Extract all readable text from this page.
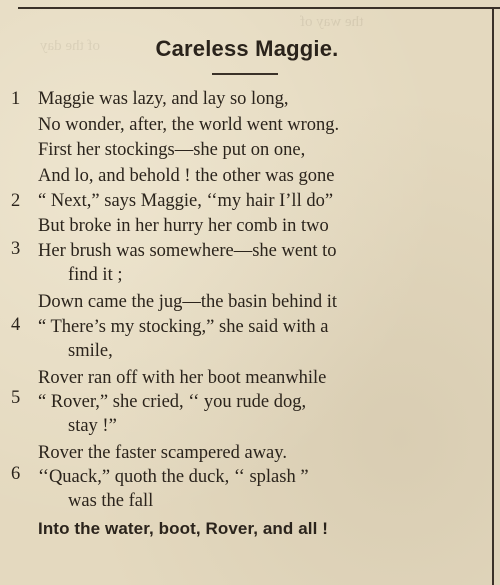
the way of
of the day	Careless Maggie.
1
2
3
4
5
6
Maggie was lazy, and lay so long,
No wonder, after, the world went wrong.
First her stockings—she put on one,
And lo, and behold ! the other was gone
“ Next,” says Maggie, ‘‘my hair I’ll do”
But broke in her hurry her comb in two
Her brush was somewhere—she went to
find it ;
Down came the jug—the basin behind it
“ There’s my stocking,” she said with a
smile,
Rover ran off with her boot meanwhile
“ Rover,” she cried, ‘‘ you rude dog,
stay !”
Rover the faster scampered away.
‘‘Quack,” quoth the duck, ‘‘ splash ”
was the fall
Into the water, boot, Rover, and all !
